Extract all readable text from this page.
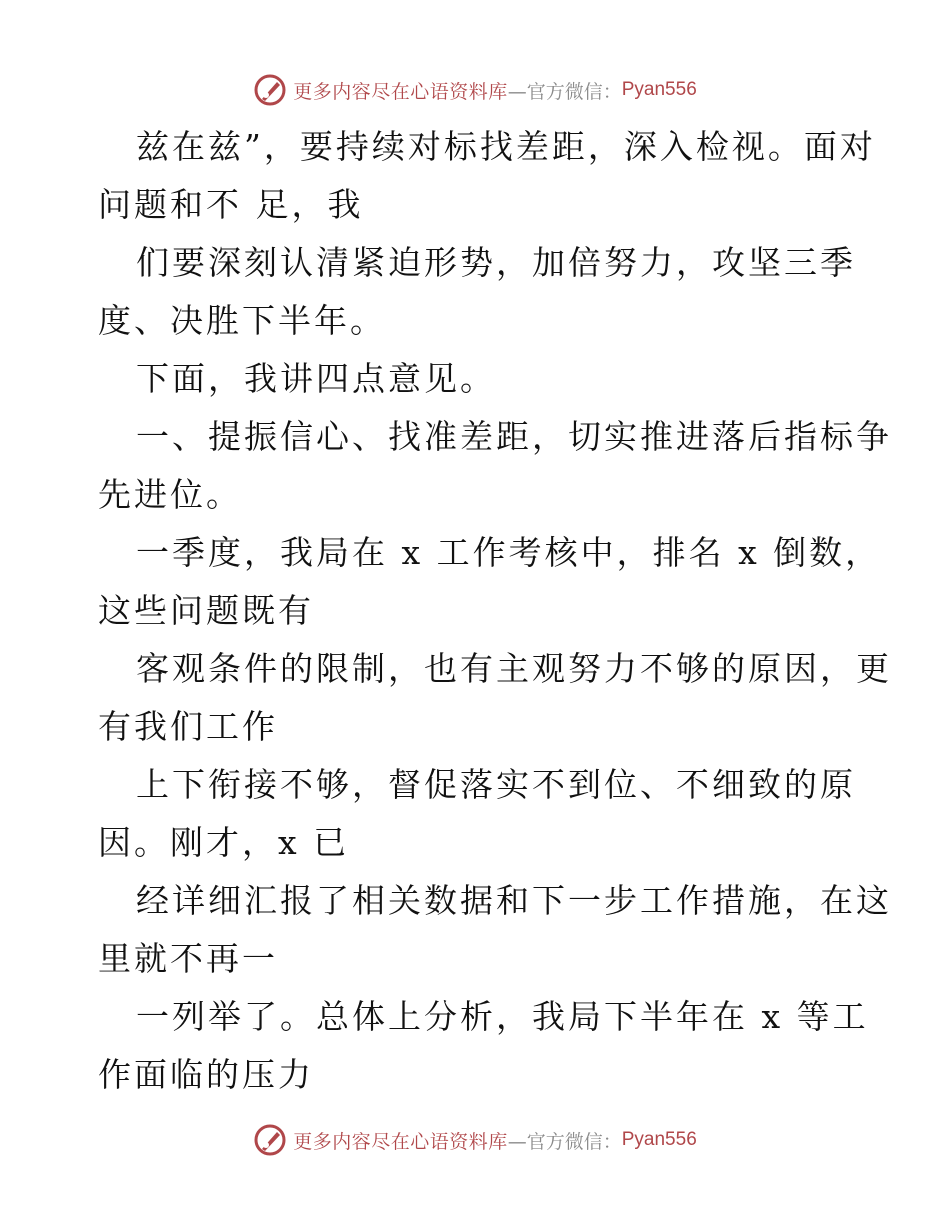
更多内容尽在心语资料库 —官方微信： Pyan556
兹在兹”，要持续对标找差距，深入检视。面对
问题和不 足，我
们要深刻认清紧迫形势，加倍努力，攻坚三季
度、决胜下半年。
下面，我讲四点意见。
一、提振信心、找准差距，切实推进落后指标争
先进位。
一季度，我局在 x 工作考核中，排名 x 倒数，
这些问题既有
客观条件的限制，也有主观努力不够的原因，更
有我们工作
上下衔接不够，督促落实不到位、不细致的原
因。刚才，x 已
经详细汇报了相关数据和下一步工作措施，在这
里就不再一
一列举了。总体上分析，我局下半年在 x 等工
作面临的压力
更多内容尽在心语资料库 —官方微信： Pyan556
